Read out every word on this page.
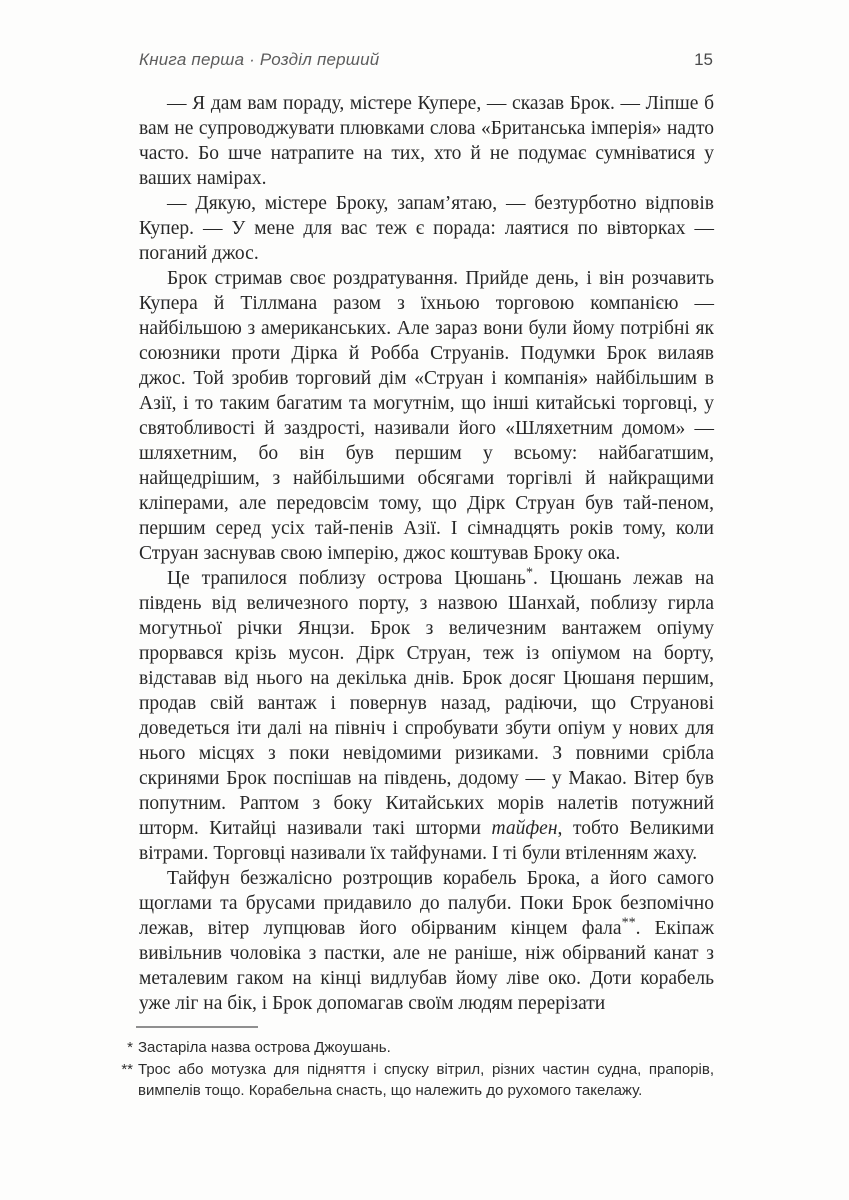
Книга перша · Розділ перший	15

— Я дам вам пораду, містере Купере, — сказав Брок. — Ліпше б вам не супроводжувати плювками слова «Британська імперія» надто часто. Бо шче натрапите на тих, хто й не подумає сумніватися у ваших намірах.

— Дякую, містере Броку, запам’ятаю, — безтурботно відповів Купер. — У мене для вас теж є порада: лаятися по вівторках — поганий джос.

Брок стримав своє роздратування. Прийде день, і він розчавить Купера й Тіллмана разом з їхньою торговою компанією — найбільшою з американських. Але зараз вони були йому потрібні як союзники проти Дірка й Робба Струанів. Подумки Брок вилаяв джос. Той зробив торговий дім «Струан і компанія» найбільшим в Азії, і то таким багатим та могутнім, що інші китайські торговці, у святобливості й заздрості, називали його «Шляхетним домом» — шляхетним, бо він був першим у всьому: найбагатшим, найщедрішим, з найбільшими обсягами торгівлі й найкращими кліперами, але передовсім тому, що Дірк Струан був тай-пеном, першим серед усіх тай-пенів Азії. І сімнадцять років тому, коли Струан заснував свою імперію, джос коштував Броку ока.

Це трапилося поблизу острова Цюшань*. Цюшань лежав на південь від величезного порту, з назвою Шанхай, поблизу гирла могутньої річки Янцзи. Брок з величезним вантажем опіуму прорвався крізь мусон. Дірк Струан, теж із опіумом на борту, відставав від нього на декілька днів. Брок досяг Цюшаня першим, продав свій вантаж і повернув назад, радіючи, що Струанові доведеться іти далі на північ і спробувати збути опіум у нових для нього місцях з поки невідомими ризиками. З повними срібла скринями Брок поспішав на південь, додому — у Макао. Вітер був попутним. Раптом з боку Китайських морів налетів потужний шторм. Китайці називали такі шторми тайфен, тобто Великими вітрами. Торговці називали їх тайфунами. І ті були втіленням жаху.

Тайфун безжалісно розтрощив корабель Брока, а його самого щоглами та брусами придавило до палуби. Поки Брок безпомічно лежав, вітер лупцював його обірваним кінцем фала**. Екіпаж вивільнив чоловіка з пастки, але не раніше, ніж обірваний канат з металевим гаком на кінці видлубав йому ліве око. Доти корабель уже ліг на бік, і Брок допомагав своїм людям перерізати

* Застаріла назва острова Джоушань.
** Трос або мотузка для підняття і спуску вітрил, різних частин судна, прапорів, вимпелів тощо. Корабельна снасть, що належить до рухомого такелажу.
